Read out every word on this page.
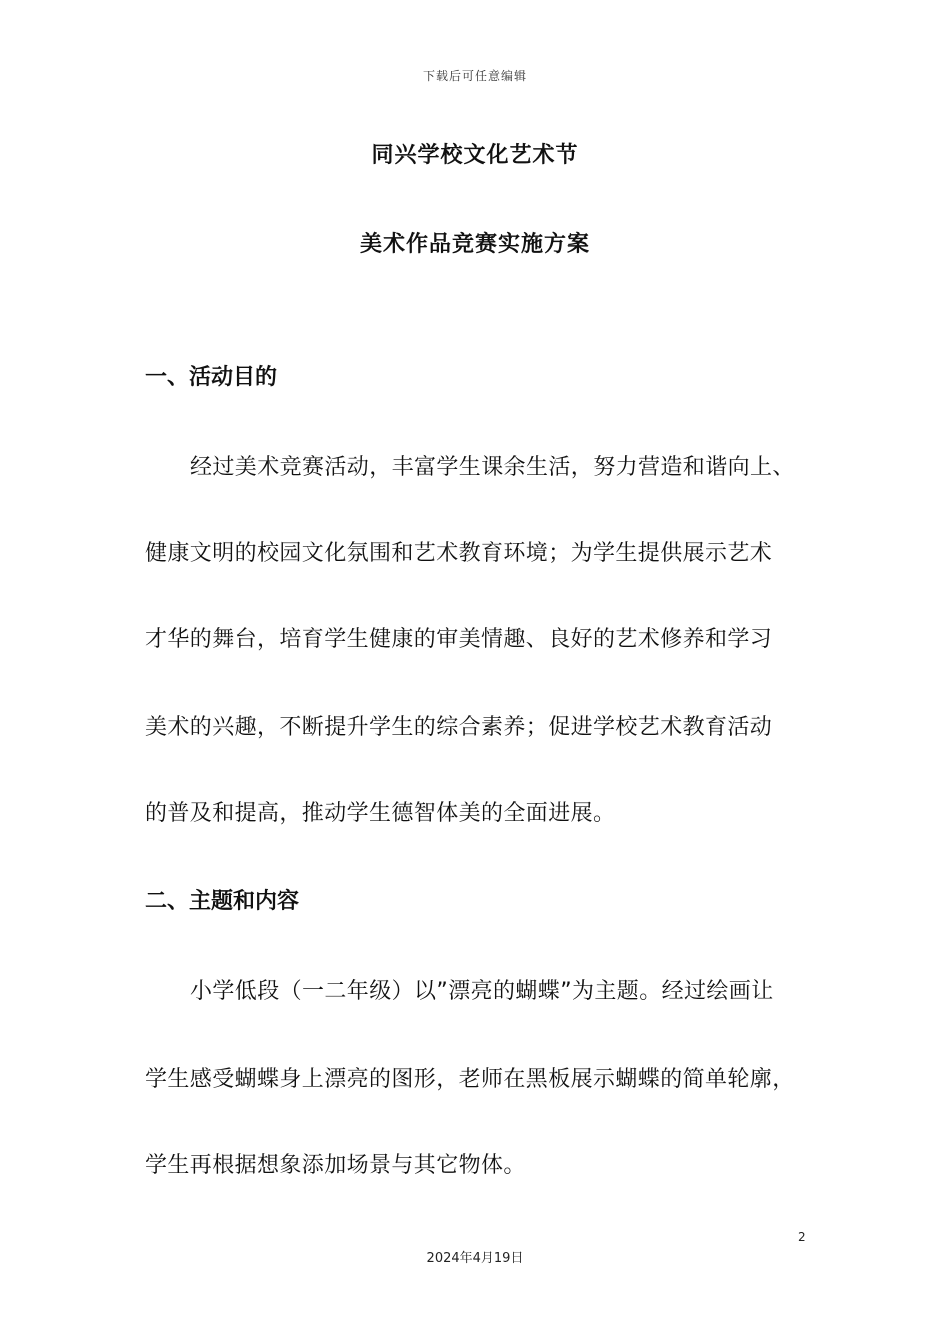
下载后可任意编辑
同兴学校文化艺术节
美术作品竞赛实施方案
一、活动目的
经过美术竞赛活动，丰富学生课余生活，努力营造和谐向上、
健康文明的校园文化氛围和艺术教育环境；为学生提供展示艺术
才华的舞台，培育学生健康的审美情趣、良好的艺术修养和学习
美术的兴趣，不断提升学生的综合素养；促进学校艺术教育活动
的普及和提高，推动学生德智体美的全面进展。
二、主题和内容
小学低段（一二年级）以”漂亮的蝴蝶”为主题。经过绘画让
学生感受蝴蝶身上漂亮的图形，老师在黑板展示蝴蝶的简单轮廓，
学生再根据想象添加场景与其它物体。
2
2024年4月19日
